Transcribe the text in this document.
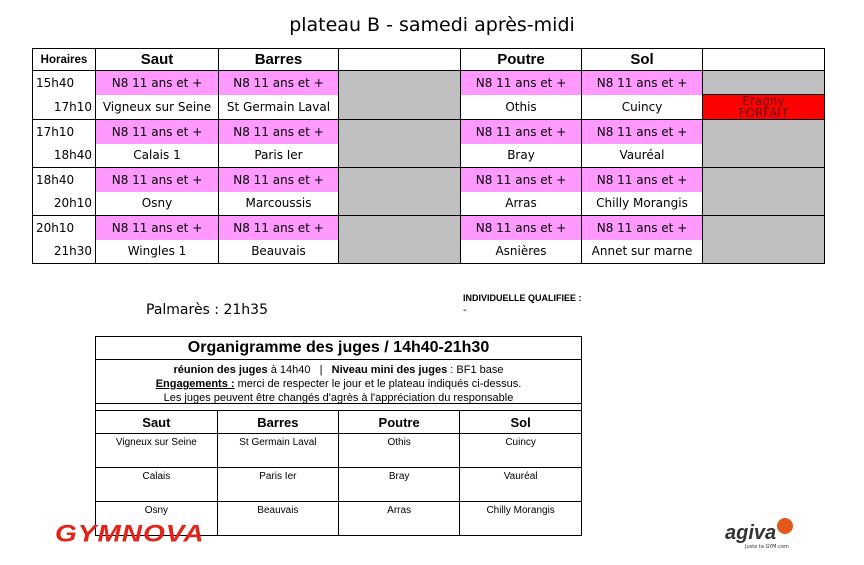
plateau B - samedi après-midi
Horaires	Saut	Barres		Poutre	Sol	
15h40	N8 11 ans et +	N8 11 ans et +		N8 11 ans et +	N8 11 ans et +	
17h10	Vigneux sur Seine	St Germain Laval		Othis	Cuincy	Eragny
FORFAIT

17h10	N8 11 ans et +	N8 11 ans et +		N8 11 ans et +	N8 11 ans et +	
18h40	Calais 1	Paris Ier		Bray	Vauréal	
18h40	N8 11 ans et +	N8 11 ans et +		N8 11 ans et +	N8 11 ans et +	
20h10	Osny	Marcoussis		Arras	Chilly Morangis	
20h10	N8 11 ans et +	N8 11 ans et +		N8 11 ans et +	N8 11 ans et +	
21h30	Wingles 1	Beauvais		Asnières	Annet sur marne	
Palmarès : 21h35
INDIVIDUELLE QUALIFIEE :
-
Organigramme des juges / 14h40-21h30
réunion des juges à 14h40 | Niveau mini des juges : BF1 base
Engagements : merci de respecter le jour et le plateau indiqués ci-dessus.
Les juges peuvent être changés d'agrès à l'appréciation du responsable
Saut	Barres	Poutre	Sol
Vigneux sur Seine	St Germain Laval	Othis	Cuincy
Calais	Paris Ier	Bray	Vauréal
Osny	Beauvais	Arras	Chilly Morangis
GYMNOVA	agiva
Juste ta GYM.com
